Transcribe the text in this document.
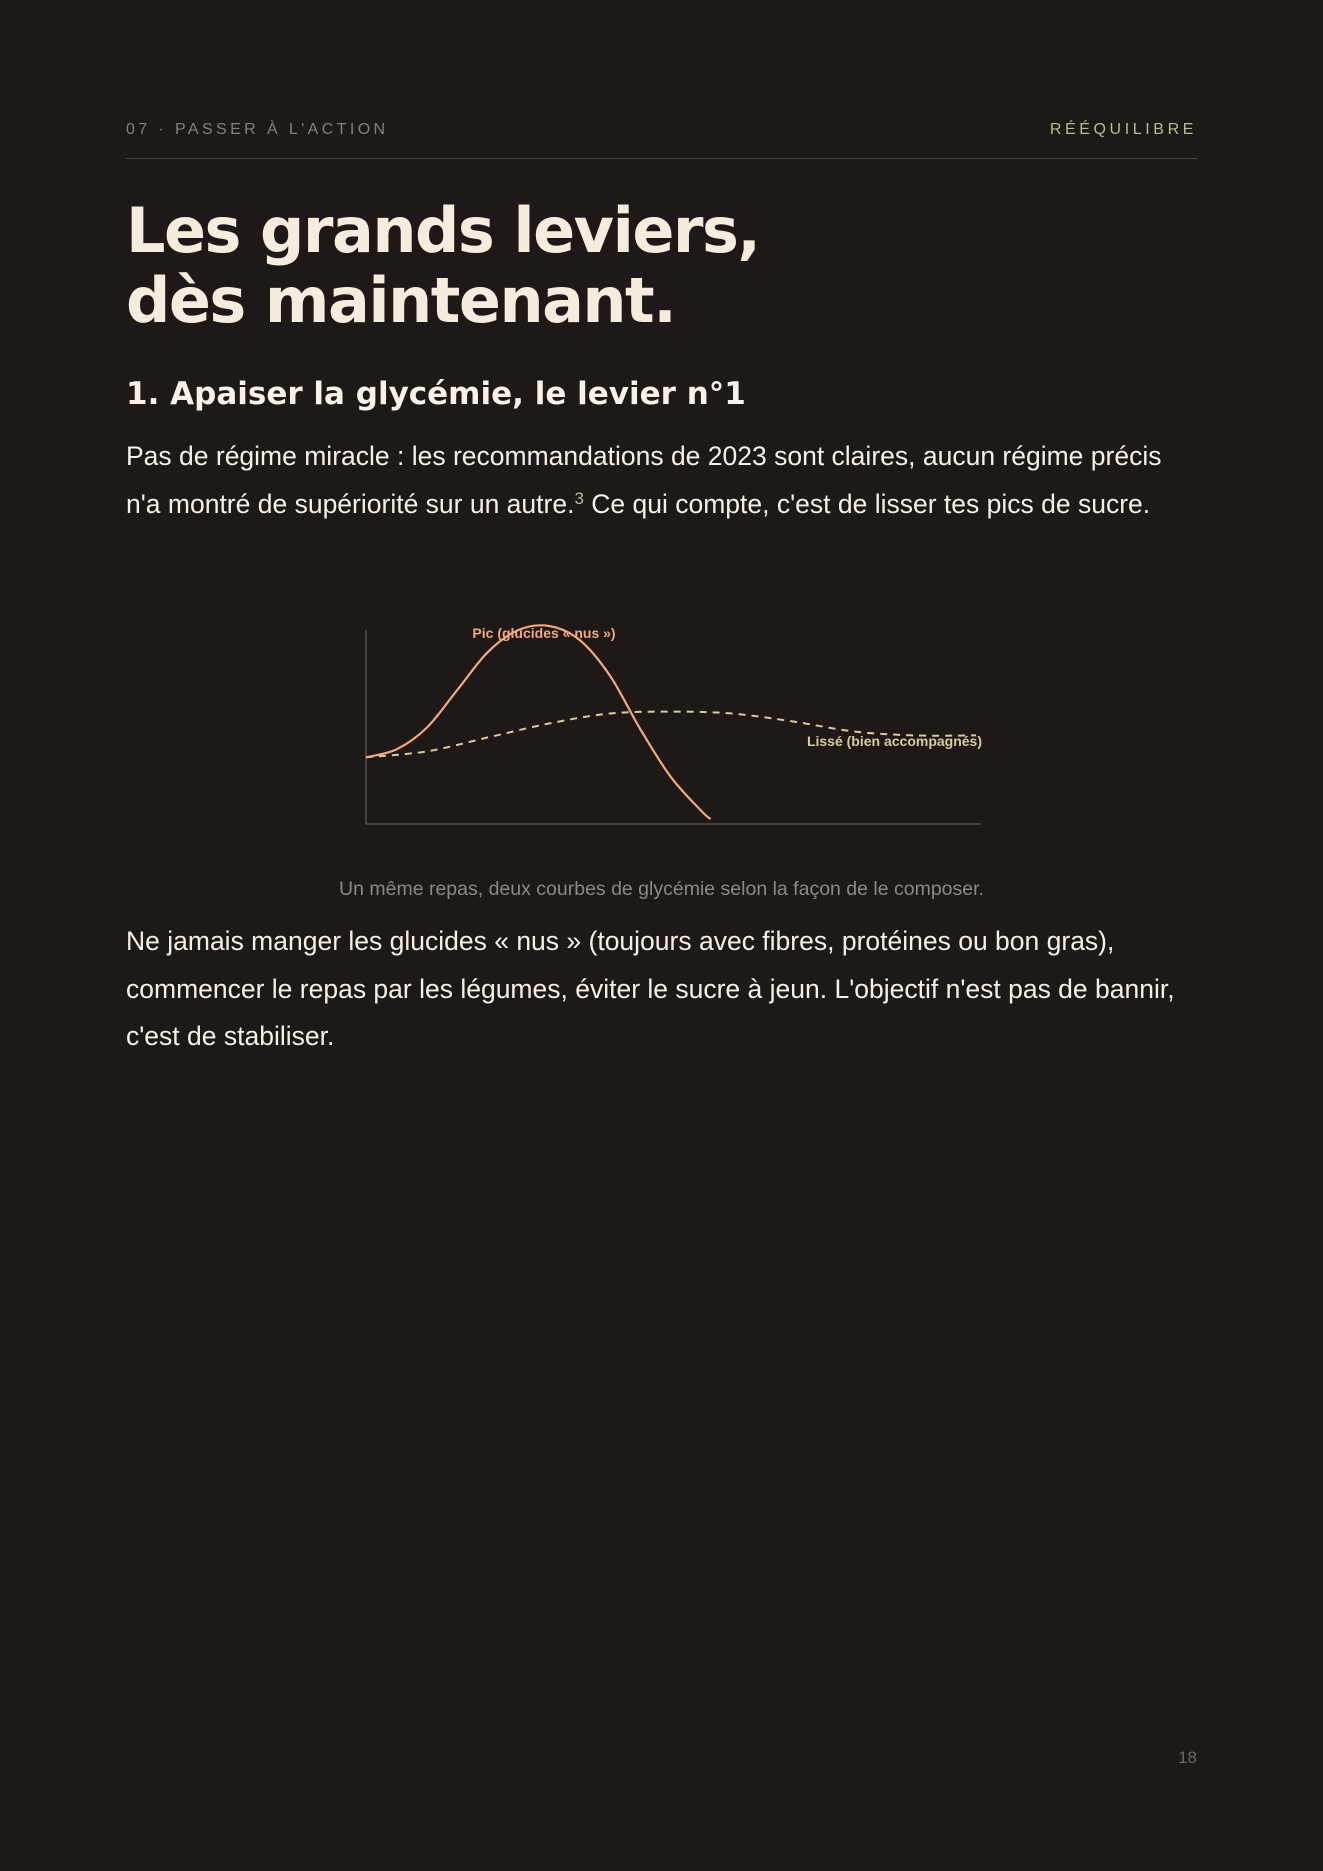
07 · PASSER À L'ACTION	RÉÉQUILIBRE
Les grands leviers,
dès maintenant.
1. Apaiser la glycémie, le levier n°1

Pas de régime miracle : les recommandations de 2023 sont claires, aucun régime précis n'a montré de supériorité sur un autre.$^3$ Ce qui compte, c'est de lisser tes pics de sucre.

Pic (glucides « nus »)
Lissé (bien accompagnés)

Un même repas, deux courbes de glycémie selon la façon de le composer.

Ne jamais manger les glucides « nus » (toujours avec fibres, protéines ou bon gras), commencer le repas par les légumes, éviter le sucre à jeun. L'objectif n'est pas de bannir, c'est de stabiliser.

18
